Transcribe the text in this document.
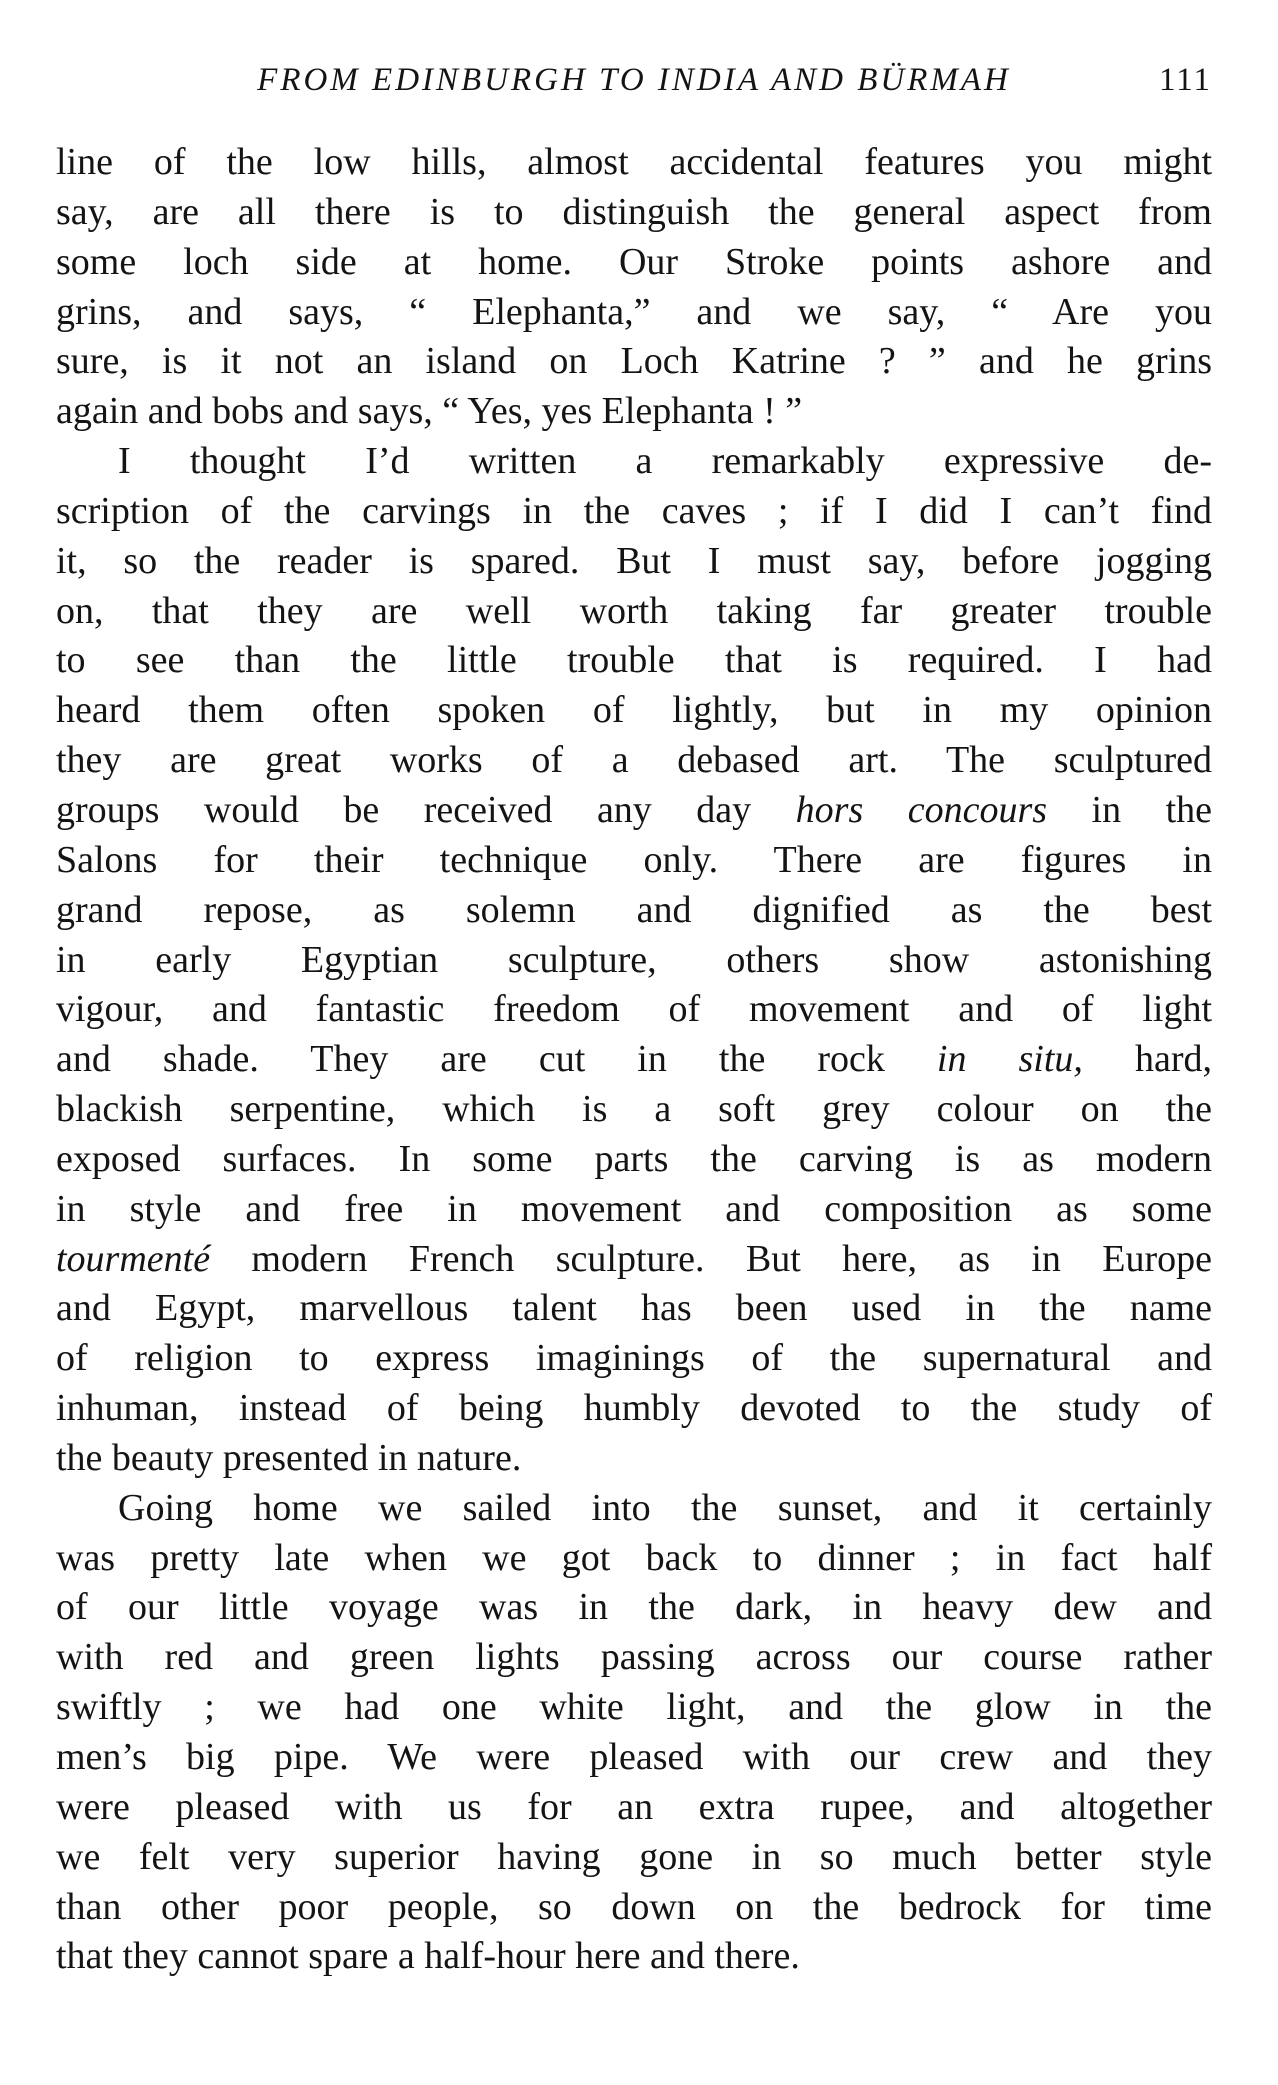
FROM EDINBURGH TO INDIA AND BÜRMAH	111
line of the low hills, almost accidental features you might
say, are all there is to distinguish the general aspect from
some loch side at home. Our Stroke points ashore and
grins, and says, “ Elephanta,” and we say, “ Are you
sure, is it not an island on Loch Katrine ? ” and he grins
again and bobs and says, “ Yes, yes Elephanta ! ”
I thought I’d written a remarkably expressive de-
scription of the carvings in the caves ; if I did I can’t find
it, so the reader is spared. But I must say, before jogging
on, that they are well worth taking far greater trouble
to see than the little trouble that is required. I had
heard them often spoken of lightly, but in my opinion
they are great works of a debased art. The sculptured
groups would be received any day hors concours in the
Salons for their technique only. There are figures in
grand repose, as solemn and dignified as the best
in early Egyptian sculpture, others show astonishing
vigour, and fantastic freedom of movement and of light
and shade. They are cut in the rock in situ, hard,
blackish serpentine, which is a soft grey colour on the
exposed surfaces. In some parts the carving is as modern
in style and free in movement and composition as some
tourmenté modern French sculpture. But here, as in Europe
and Egypt, marvellous talent has been used in the name
of religion to express imaginings of the supernatural and
inhuman, instead of being humbly devoted to the study of
the beauty presented in nature.
Going home we sailed into the sunset, and it certainly
was pretty late when we got back to dinner ; in fact half
of our little voyage was in the dark, in heavy dew and
with red and green lights passing across our course rather
swiftly ; we had one white light, and the glow in the
men’s big pipe. We were pleased with our crew and they
were pleased with us for an extra rupee, and altogether
we felt very superior having gone in so much better style
than other poor people, so down on the bedrock for time
that they cannot spare a half-hour here and there.
